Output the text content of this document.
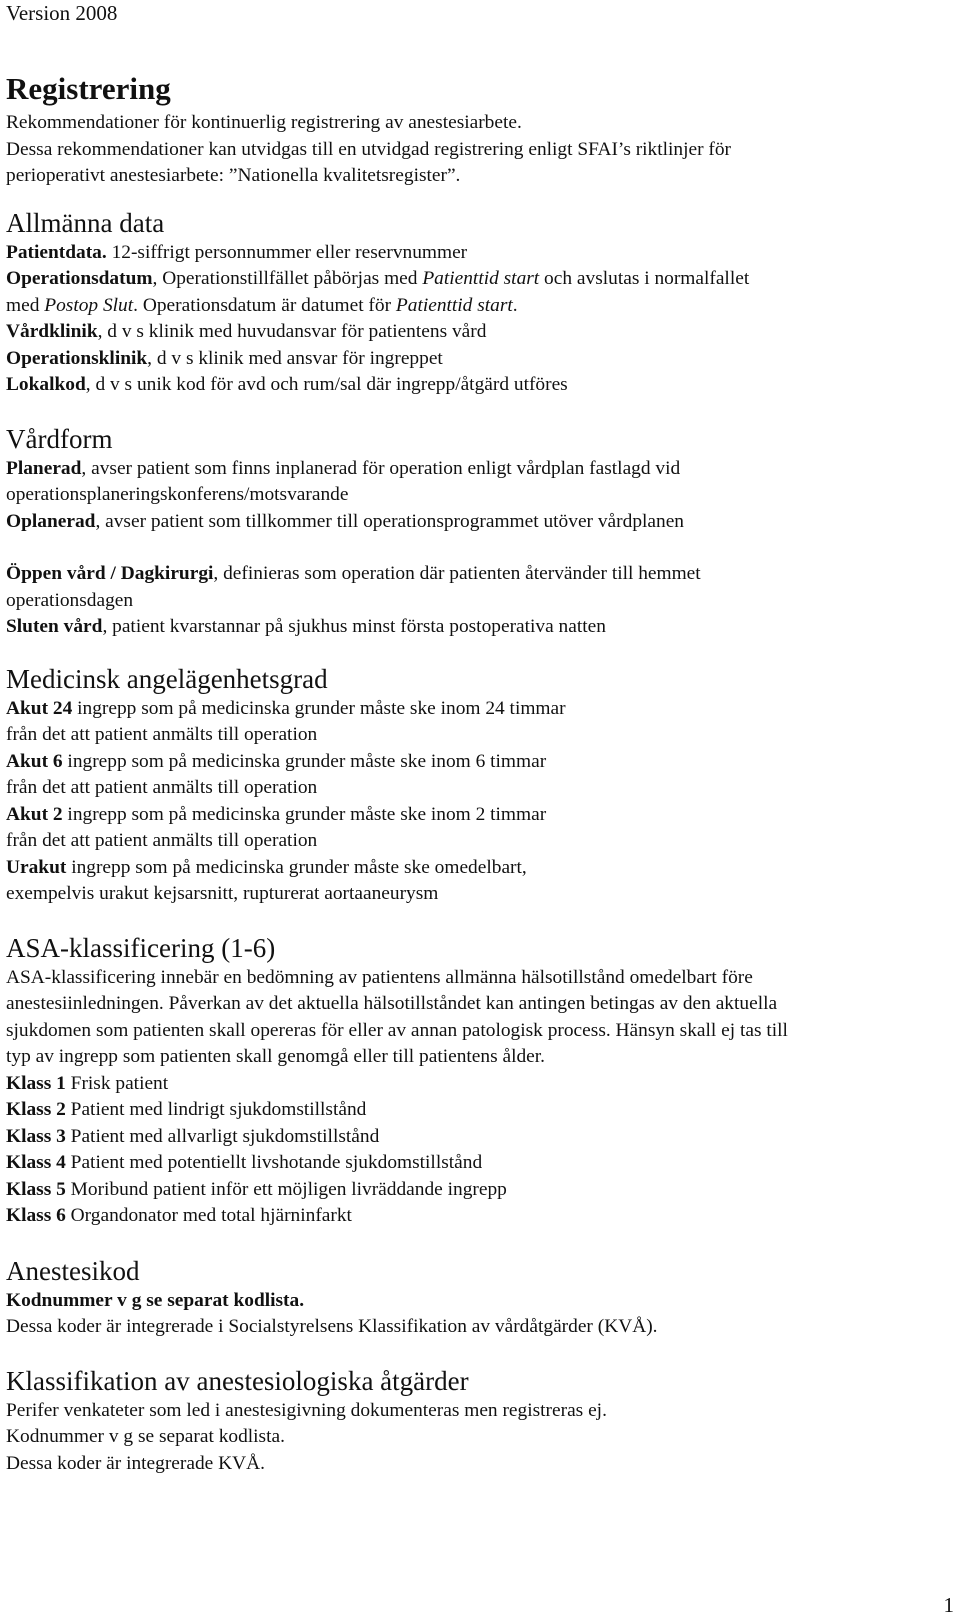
Version 2008
Registrering
Rekommendationer för kontinuerlig registrering av anestesiarbete.
Dessa rekommendationer kan utvidgas till en utvidgad registrering enligt SFAI’s riktlinjer för
perioperativt anestesiarbete: ”Nationella kvalitetsregister”.
Allmänna data
Patientdata. 12-siffrigt personnummer eller reservnummer
Operationsdatum, Operationstillfället påbörjas med Patienttid start och avslutas i normalfallet
med Postop Slut. Operationsdatum är datumet för Patienttid start.
Vårdklinik, d v s klinik med huvudansvar för patientens vård
Operationsklinik, d v s klinik med ansvar för ingreppet
Lokalkod, d v s unik kod för avd och rum/sal där ingrepp/åtgärd utföres
Vårdform
Planerad, avser patient som finns inplanerad för operation enligt vårdplan fastlagd vid
operationsplaneringskonferens/motsvarande
Oplanerad, avser patient som tillkommer till operationsprogrammet utöver vårdplanen
Öppen vård / Dagkirurgi, definieras som operation där patienten återvänder till hemmet
operationsdagen
Sluten vård, patient kvarstannar på sjukhus minst första postoperativa natten
Medicinsk angelägenhetsgrad
Akut 24 ingrepp som på medicinska grunder måste ske inom 24 timmar
från det att patient anmälts till operation
Akut 6 ingrepp som på medicinska grunder måste ske inom 6 timmar
från det att patient anmälts till operation
Akut 2 ingrepp som på medicinska grunder måste ske inom 2 timmar
från det att patient anmälts till operation
Urakut ingrepp som på medicinska grunder måste ske omedelbart,
exempelvis urakut kejsarsnitt, rupturerat aortaaneurysm
ASA-klassificering (1-6)
ASA-klassificering innebär en bedömning av patientens allmänna hälsotillstånd omedelbart före
anestesiinledningen. Påverkan av det aktuella hälsotillståndet kan antingen betingas av den aktuella
sjukdomen som patienten skall opereras för eller av annan patologisk process. Hänsyn skall ej tas till
typ av ingrepp som patienten skall genomgå eller till patientens ålder.
Klass 1 Frisk patient
Klass 2 Patient med lindrigt sjukdomstillstånd
Klass 3 Patient med allvarligt sjukdomstillstånd
Klass 4 Patient med potentiellt livshotande sjukdomstillstånd
Klass 5 Moribund patient inför ett möjligen livräddande ingrepp
Klass 6 Organdonator med total hjärninfarkt
Anestesikod
Kodnummer v g se separat kodlista.
Dessa koder är integrerade i Socialstyrelsens Klassifikation av vårdåtgärder (KVÅ).
Klassifikation av anestesiologiska åtgärder
Perifer venkateter som led i anestesigivning dokumenteras men registreras ej.
Kodnummer v g se separat kodlista.
Dessa koder är integrerade KVÅ.
1
